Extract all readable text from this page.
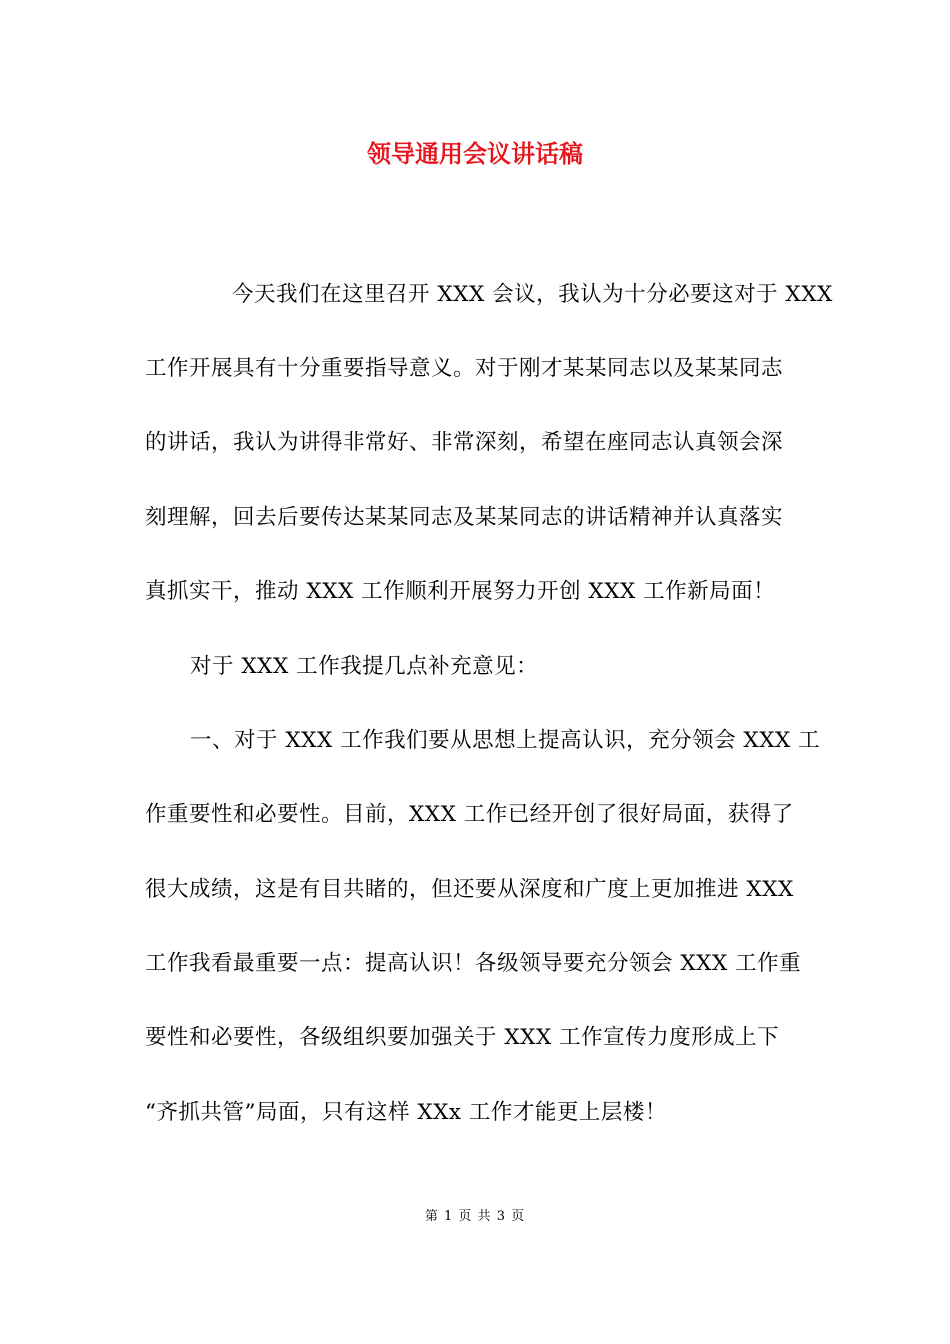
领导通用会议讲话稿
今天我们在这里召开 XXX 会议，我认为十分必要这对于 XXX
工作开展具有十分重要指导意义。对于刚才某某同志以及某某同志
的讲话，我认为讲得非常好、非常深刻，希望在座同志认真领会深
刻理解，回去后要传达某某同志及某某同志的讲话精神并认真落实
真抓实干，推动 XXX 工作顺利开展努力开创 XXX 工作新局面！
对于 XXX 工作我提几点补充意见：
一、对于 XXX 工作我们要从思想上提高认识，充分领会 XXX 工
作重要性和必要性。目前，XXX 工作已经开创了很好局面，获得了
很大成绩，这是有目共睹的，但还要从深度和广度上更加推进 XXX
工作我看最重要一点：提高认识！各级领导要充分领会 XXX 工作重
要性和必要性，各级组织要加强关于 XXX 工作宣传力度形成上下
“齐抓共管”局面，只有这样 XXx 工作才能更上层楼！
第 1 页 共 3 页
